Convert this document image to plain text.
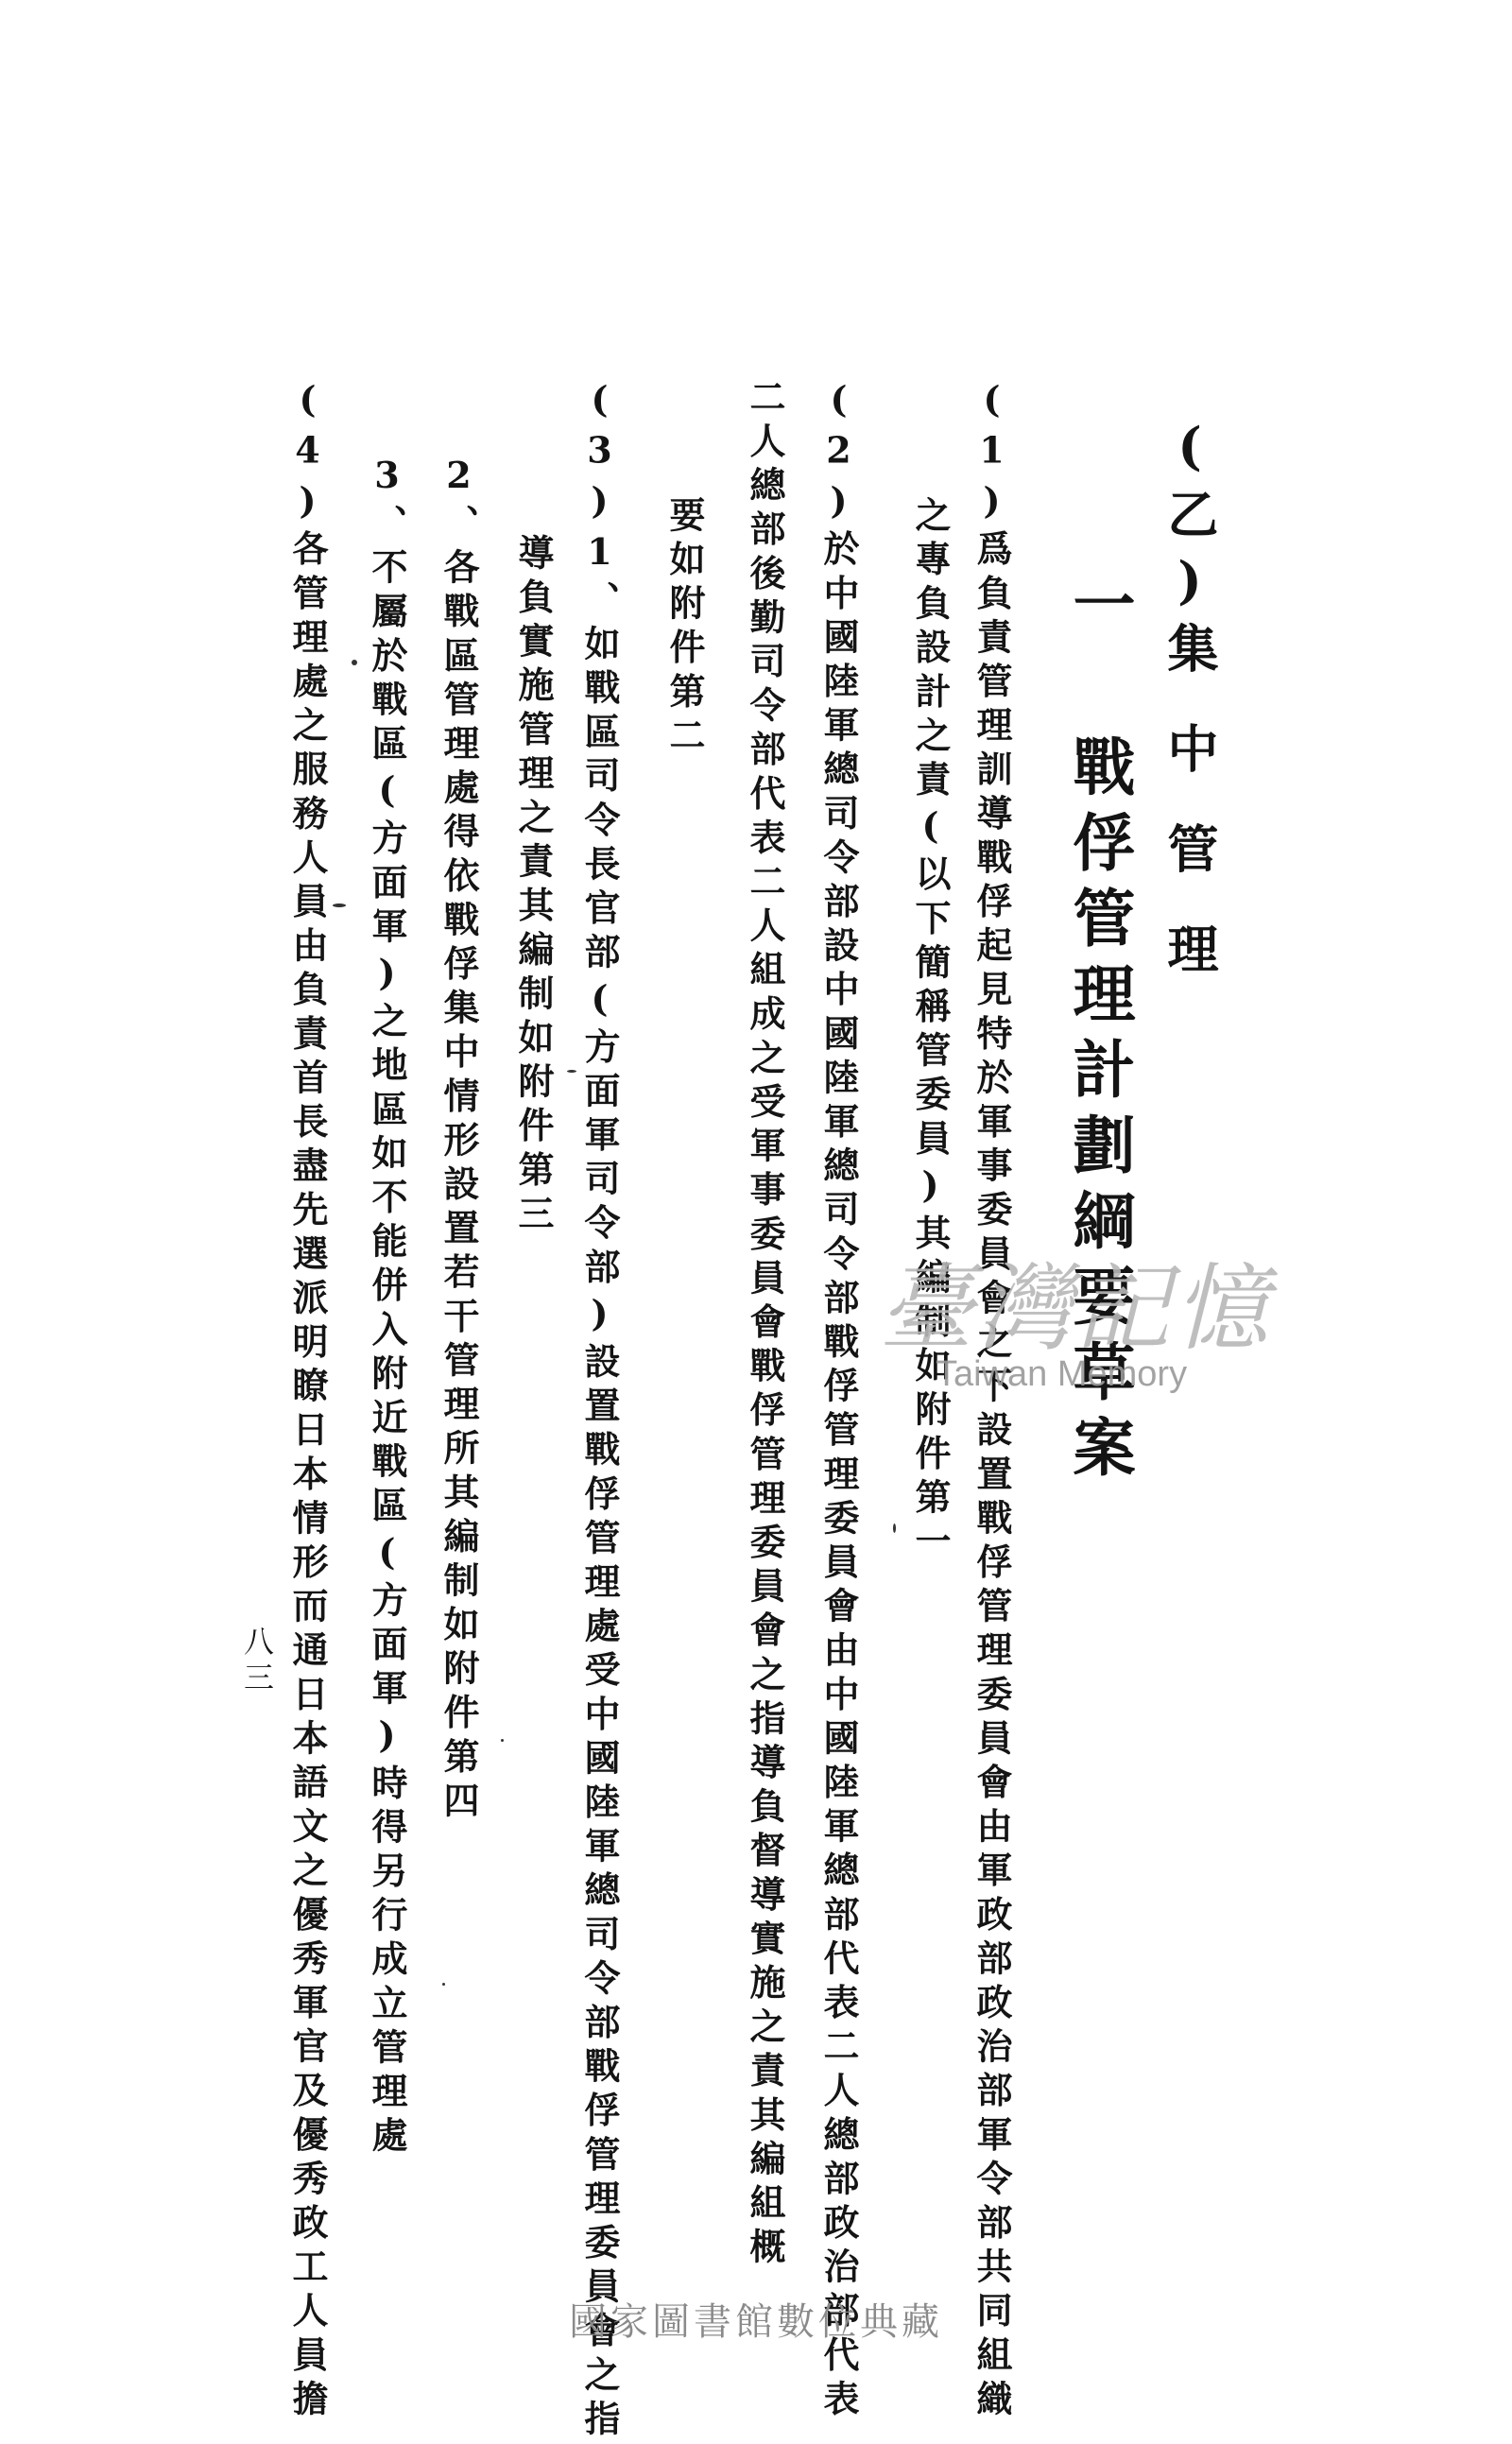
(乙)集中管理
一 戰俘管理計劃綱要草案
(1)爲負責管理訓導戰俘起見特於軍事委員會之下設置戰俘管理委員會由軍政部政治部軍令部共同組織
之專負設計之責(以下簡稱管委員)其編制如附件第一
(2)於中國陸軍總司令部設中國陸軍總司令部戰俘管理委員會由中國陸軍總部代表二人總部政治部代表
二人總部後勤司令部代表二人組成之受軍事委員會戰俘管理委員會之指導負督導實施之責其編組概
要如附件第二
(3)1、如戰區司令長官部(方面軍司令部)設置戰俘管理處受中國陸軍總司令部戰俘管理委員會之指
導負實施管理之責其編制如附件第三
2、各戰區管理處得依戰俘集中情形設置若干管理所其編制如附件第四
3、不屬於戰區(方面軍)之地區如不能併入附近戰區(方面軍)時得另行成立管理處
(4)各管理處之服務人員由負責首長盡先選派明瞭日本情形而通日本語文之優秀軍官及優秀政工人員擔
八三
臺灣記憶
Taiwan Memory
國家圖書館數位典藏
